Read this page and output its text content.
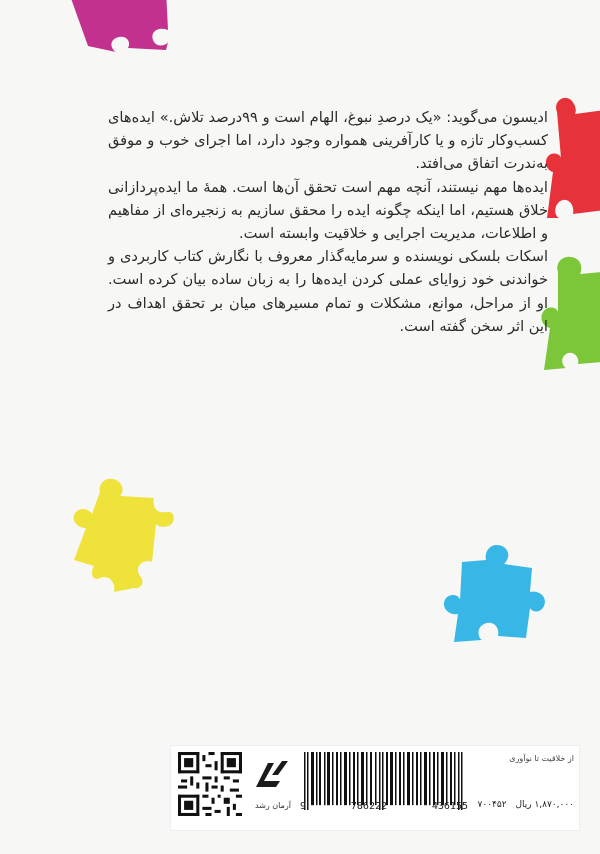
ادیسون می‌گوید: «یک درصدِ نبوغ، الهام است و ۹۹درصد تلاش.» ایده‌های کسب‌وکار تازه و یا کارآفرینی همواره وجود دارد، اما اجرای خوب و موفق به‌ندرت اتفاق می‌افتد.

ایده‌ها مهم نیستند، آنچه مهم است تحقق آن‌ها است. همهٔ ما ایده‌پردازانی خلاق هستیم، اما اینکه چگونه ایده را محقق سازیم به زنجیره‌ای از مفاهیم و اطلاعات، مدیریت اجرایی و خلاقیت وابسته است.

اسکات بلسکی نویسنده و سرمایه‌گذار معروف با نگارش کتاب کاربردی و خواندنی خود زوایای عملی کردن ایده‌ها را به زبان ساده بیان کرده است. او از مراحل، موانع، مشکلات و تمام مسیرهای میان بر تحقق اهداف در این اثر سخن گفته است.

آرمان رشد 9	786222	436155
از خلاقیت تا نوآوری
۱,۸۷۰,۰۰۰ ریال ۷۰۰۴۵۲
